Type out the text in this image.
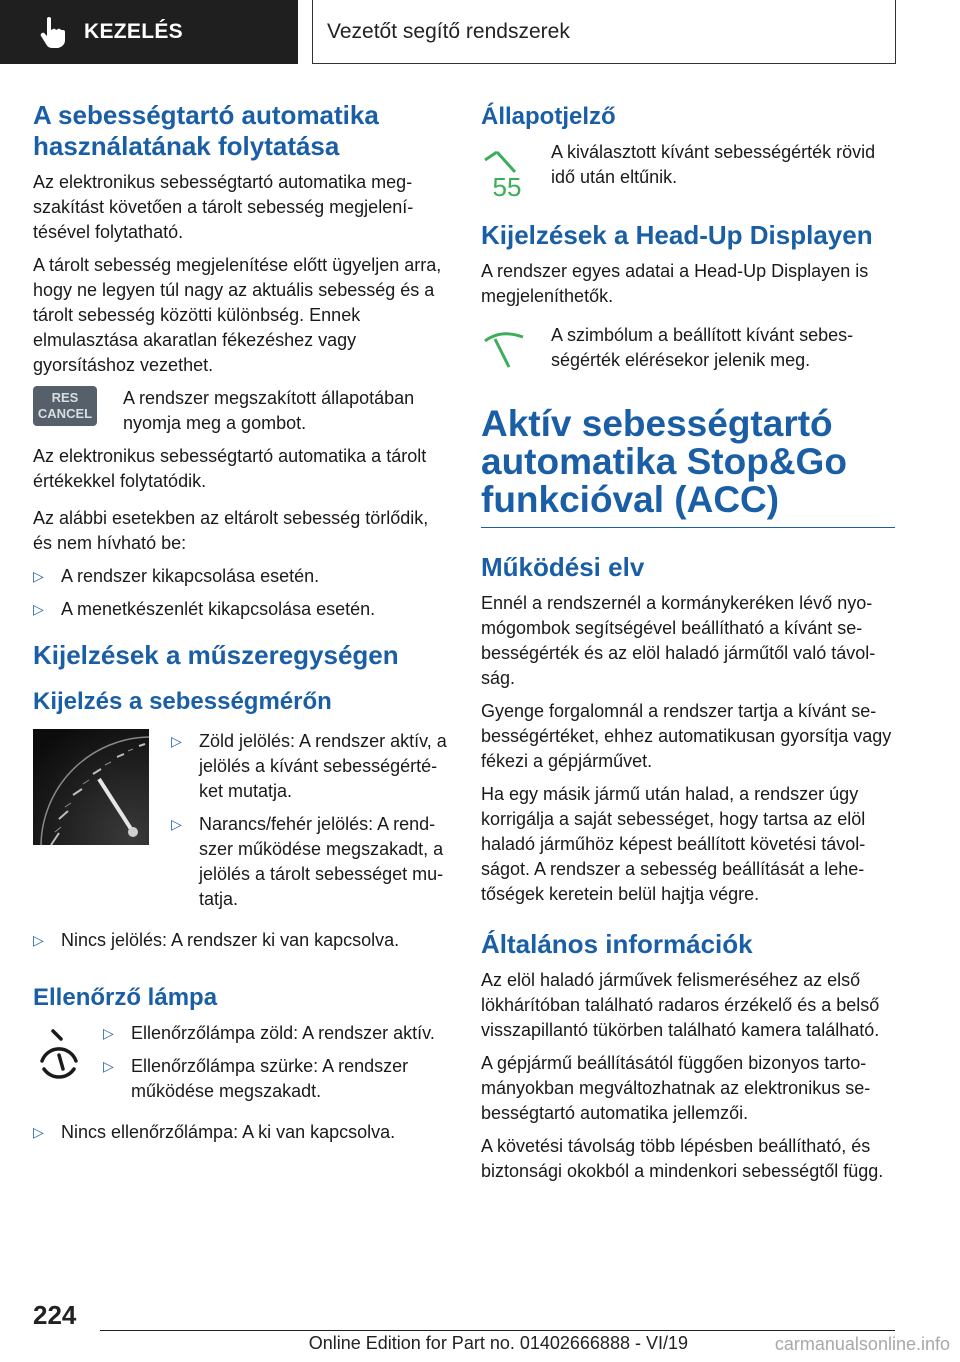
KEZELÉS	Vezetőt segítő rendszerek
A sebességtartó automatika használatának folytatása

Az elektronikus sebességtartó automatika megszakítást követően a tárolt sebesség megjelenítésével folytatható.

A tárolt sebesség megjelenítése előtt ügyeljen arra, hogy ne legyen túl nagy az aktuális sebesség és a tárolt sebesség közötti különbség. Ennek elmulasztása akaratlan fékezéshez vagy gyorsításhoz vezethet.

RES
CANCEL

A rendszer megszakított állapotában nyomja meg a gombot.

Az elektronikus sebességtartó automatika a tárolt értékekkel folytatódik.

Az alábbi esetekben az eltárolt sebesség törlődik, és nem hívható be:

▷ A rendszer kikapcsolása esetén.
▷ A menetkészenlét kikapcsolása esetén.
Kijelzések a műszeregységen
Kijelzés a sebességmérőn
▷ Zöld jelölés: A rendszer aktív, a jelölés a kívánt sebességértéket mutatja.
▷ Narancs/fehér jelölés: A rendszer működése megszakadt, a jelölés a tárolt sebességet mutatja.
▷ Nincs jelölés: A rendszer ki van kapcsolva.
Ellenőrző lámpa
▷ Ellenőrzőlámpa zöld: A rendszer aktív.
▷ Ellenőrzőlámpa szürke: A rendszer működése megszakadt.
▷ Nincs ellenőrzőlámpa: A ki van kapcsolva.
Állapotjelző
55

A kiválasztott kívánt sebességérték rövid idő után eltűnik.

Kijelzések a Head-Up Displayen

A rendszer egyes adatai a Head-Up Displayen is megjeleníthetők.

A szimbólum a beállított kívánt sebességérték elérésekor jelenik meg.

Aktív sebességtartó automatika Stop&Go funkcióval (ACC)
Működési elv

Ennél a rendszernél a kormánykeréken lévő nyomógombok segítségével beállítható a kívánt sebességérték és az elöl haladó járműtől való távolság.

Gyenge forgalomnál a rendszer tartja a kívánt sebességértéket, ehhez automatikusan gyorsítja vagy fékezi a gépjárművet.

Ha egy másik jármű után halad, a rendszer úgy korrigálja a saját sebességet, hogy tartsa az elöl haladó járműhöz képest beállított követési távolságot. A rendszer a sebesség beállítását a lehetőségek keretein belül hajtja végre.

Általános információk

Az elöl haladó járművek felismeréséhez az első lökhárítóban található radaros érzékelő és a belső visszapillantó tükörben található kamera található.

A gépjármű beállításától függően bizonyos tartományokban megváltozhatnak az elektronikus sebességtartó automatika jellemzői.

A követési távolság több lépésben beállítható, és biztonsági okokból a mindenkori sebességtől függ.

224
Online Edition for Part no. 01402666888 - VI/19	carmanualsonline.info
